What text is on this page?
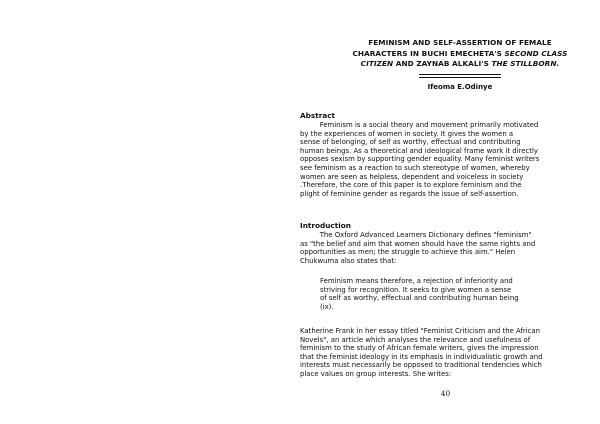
FEMINISM AND SELF-ASSERTION OF FEMALE
CHARACTERS IN BUCHI EMECHETA'S SECOND CLASS
CITIZEN AND ZAYNAB ALKALI'S THE STILLBORN.
Ifeoma E.Odinye
Abstract
Feminism is a social theory and movement primarily motivated
by the experiences of women in society. It gives the women a
sense of belonging, of self as worthy, effectual and contributing
human beings. As a theoretical and ideological frame work it directly
opposes sexism by supporting gender equality. Many feminist writers
see feminism as a reaction to such stereotype of women, whereby
women are seen as helpless, dependent and voiceless in society
.Therefore, the core of this paper is to explore feminism and the
plight of feminine gender as regards the issue of self-assertion.
Introduction
The Oxford Advanced Learners Dictionary defines "feminism"
as "the belief and aim that women should have the same rights and
opportunities as men; the struggle to achieve this aim." Helen
Chukwuma also states that:
Feminism means therefore, a rejection of inferiority and
striving for recognition. It seeks to give women a sense
of self as worthy, effectual and contributing human being
(ix).
Katherine Frank in her essay titled "Feminist Criticism and the African
Novels", an article which analyses the relevance and usefulness of
feminism to the study of African female writers, gives the impression
that the feminist ideology in its emphasis in individualistic growth and
interests must necessarily be opposed to traditional tendencies which
place values on group interests. She writes:
40
